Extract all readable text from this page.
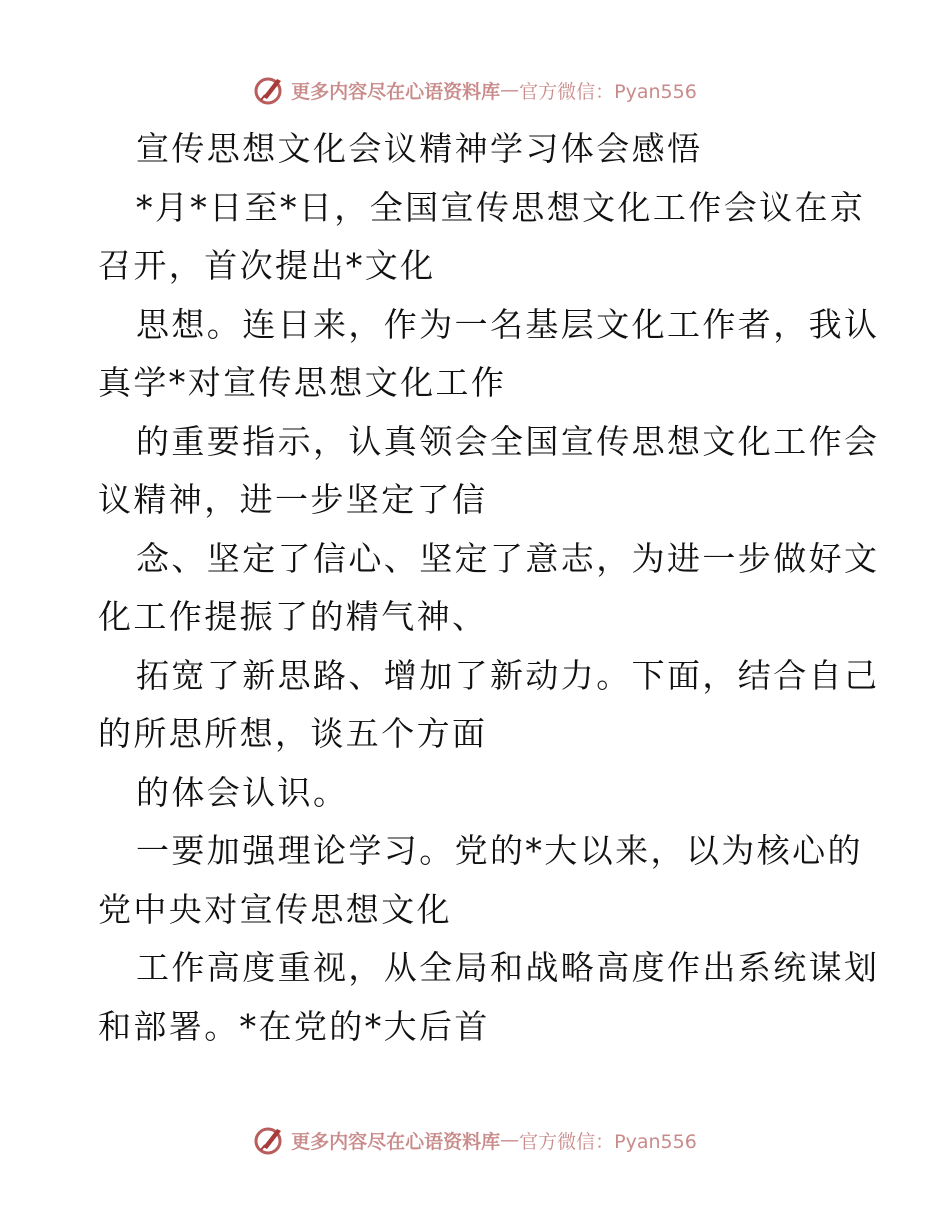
更多内容尽在心语资料库 — 官方微信：Pyan556
宣传思想文化会议精神学习体会感悟
*月*日至*日，全国宣传思想文化工作会议在京
召开，首次提出*文化
思想。连日来，作为一名基层文化工作者，我认
真学*对宣传思想文化工作
的重要指示，认真领会全国宣传思想文化工作会
议精神，进一步坚定了信
念、坚定了信心、坚定了意志，为进一步做好文
化工作提振了的精气神、
拓宽了新思路、增加了新动力。下面，结合自己
的所思所想，谈五个方面
的体会认识。
一要加强理论学习。党的*大以来，以为核心的
党中央对宣传思想文化
工作高度重视，从全局和战略高度作出系统谋划
和部署。*在党的*大后首
更多内容尽在心语资料库 — 官方微信：Pyan556
